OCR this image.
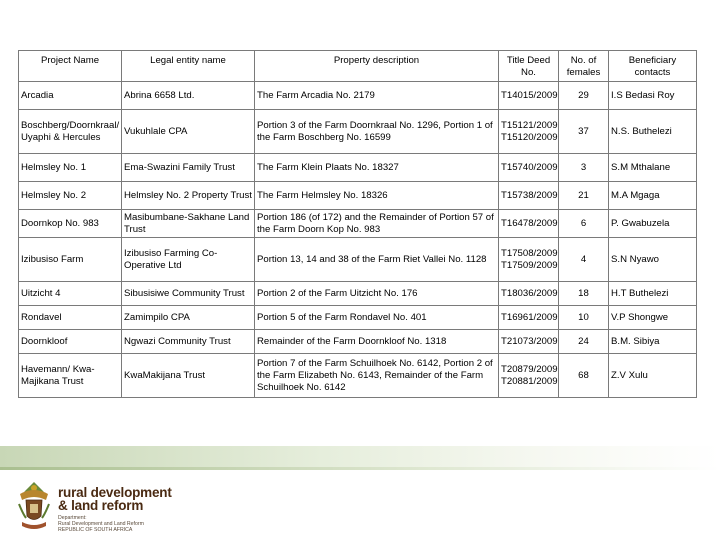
Project Name	Legal entity name	Property description	Title Deed No.	No. of females	Beneficiary contacts
Arcadia	Abrina 6658 Ltd.	The Farm Arcadia No. 2179	T14015/2009	29	I.S Bedasi Roy
Boschberg/Doornkraal/ Uyaphi & Hercules	Vukuhlale CPA	Portion 3 of the Farm Doornkraal No. 1296, Portion 1 of the Farm Boschberg No. 16599	T15121/2009 T15120/2009	37	N.S. Buthelezi
Helmsley No. 1	Ema-Swazini Family Trust	The Farm Klein Plaats No. 18327	T15740/2009	3	S.M Mthalane
Helmsley No. 2	Helmsley No. 2 Property Trust	The Farm Helmsley No. 18326	T15738/2009	21	M.A Mgaga
Doornkop No. 983	Masibumbane-Sakhane Land Trust	Portion 186 (of 172) and the Remainder of Portion 57 of the Farm Doorn Kop No. 983	T16478/2009	6	P. Gwabuzela
Izibusiso Farm	Izibusiso Farming Co-Operative Ltd	Portion 13, 14 and 38 of the Farm Riet Vallei No. 1128	T17508/2009 T17509/2009	4	S.N Nyawo
Uitzicht 4	Sibusisiwe Community Trust	Portion 2 of the Farm Uitzicht No. 176	T18036/2009	18	H.T Buthelezi
Rondavel	Zamimpilo CPA	Portion 5 of the Farm Rondavel No. 401	T16961/2009	10	V.P Shongwe
Doornkloof	Ngwazi Community Trust	Remainder of the Farm Doornkloof No. 1318	T21073/2009	24	B.M. Sibiya
Havemann/ Kwa-Majikana Trust	KwaMakijana Trust	Portion 7 of the Farm Schuilhoek No. 6142, Portion 2 of the Farm Elizabeth No. 6143, Remainder of the Farm Schuilhoek No. 6142	T20879/2009 T20881/2009	68	Z.V Xulu
rural development
& land reform
Department:
Rural Development and Land Reform
REPUBLIC OF SOUTH AFRICA
